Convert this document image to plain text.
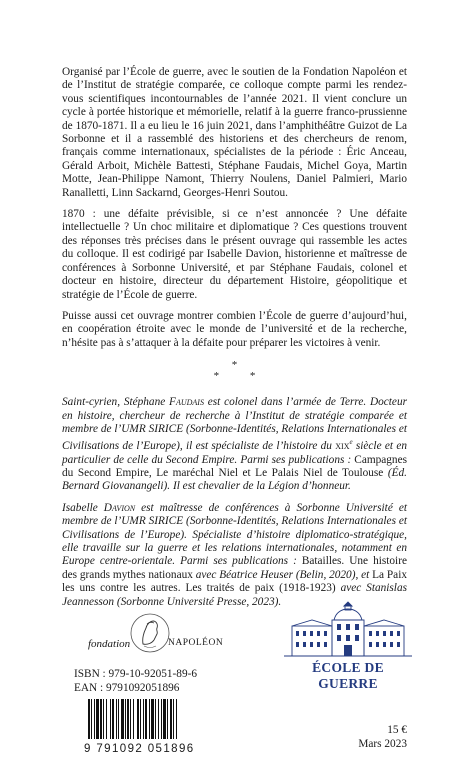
Organisé par l’École de guerre, avec le soutien de la Fondation Napoléon et de l’Institut de stratégie comparée, ce colloque compte parmi les rendez-vous scientifiques incontournables de l’année 2021. Il vient conclure un cycle à portée historique et mémorielle, relatif à la guerre franco-prussienne de 1870-1871. Il a eu lieu le 16 juin 2021, dans l’amphithéâtre Guizot de La Sorbonne et il a rassemblé des historiens et des chercheurs de renom, français comme internationaux, spécialistes de la période : Éric Anceau, Gérald Arboit, Michèle Battesti, Stéphane Faudais, Michel Goya, Martin Motte, Jean-Philippe Namont, Thierry Noulens, Daniel Palmieri, Mario Ranalletti, Linn Sackarnd, Georges-Henri Soutou.

1870 : une défaite prévisible, si ce n’est annoncée ? Une défaite intellectuelle ? Un choc militaire et diplomatique ? Ces questions trouvent des réponses très précises dans le présent ouvrage qui rassemble les actes du colloque. Il est codirigé par Isabelle Davion, historienne et maîtresse de conférences à Sorbonne Université, et par Stéphane Faudais, colonel et docteur en histoire, directeur du département Histoire, géopolitique et stratégie de l’École de guerre.

Puisse aussi cet ouvrage montrer combien l’École de guerre d’aujourd’hui, en coopération étroite avec le monde de l’université et de la recherche, n’hésite pas à s’attaquer à la défaite pour préparer les victoires à venir.

*
* *

Saint-cyrien, Stéphane Faudais est colonel dans l’armée de Terre. Docteur en histoire, chercheur de recherche à l’Institut de stratégie comparée et membre de l’UMR SIRICE (Sorbonne-Identités, Relations Internationales et Civilisations de l’Europe), il est spécialiste de l’histoire du xix$^e$ siècle et en particulier de celle du Second Empire. Parmi ses publications : Campagnes du Second Empire, Le maréchal Niel et Le Palais Niel de Toulouse (Éd. Bernard Giovanangeli). Il est chevalier de la Légion d’honneur.

Isabelle Davion est maîtresse de conférences à Sorbonne Université et membre de l’UMR SIRICE (Sorbonne-Identités, Relations Internationales et Civilisations de l’Europe). Spécialiste d’histoire diplomatico-stratégique, elle travaille sur la guerre et les relations internationales, notamment en Europe centre-orientale. Parmi ses publications : Batailles. Une histoire des grands mythes nationaux avec Béatrice Heuser (Belin, 2020), et La Paix les uns contre les autres. Les traités de paix (1918-1923) avec Stanislas Jeannesson (Sorbonne Université Presse, 2023).

fondation	NAPOLÉON
ÉCOLE DE GUERRE
ISBN : 979-10-92051-89-6
EAN : 9791092051896
9 791092 051896
15 €
Mars 2023
